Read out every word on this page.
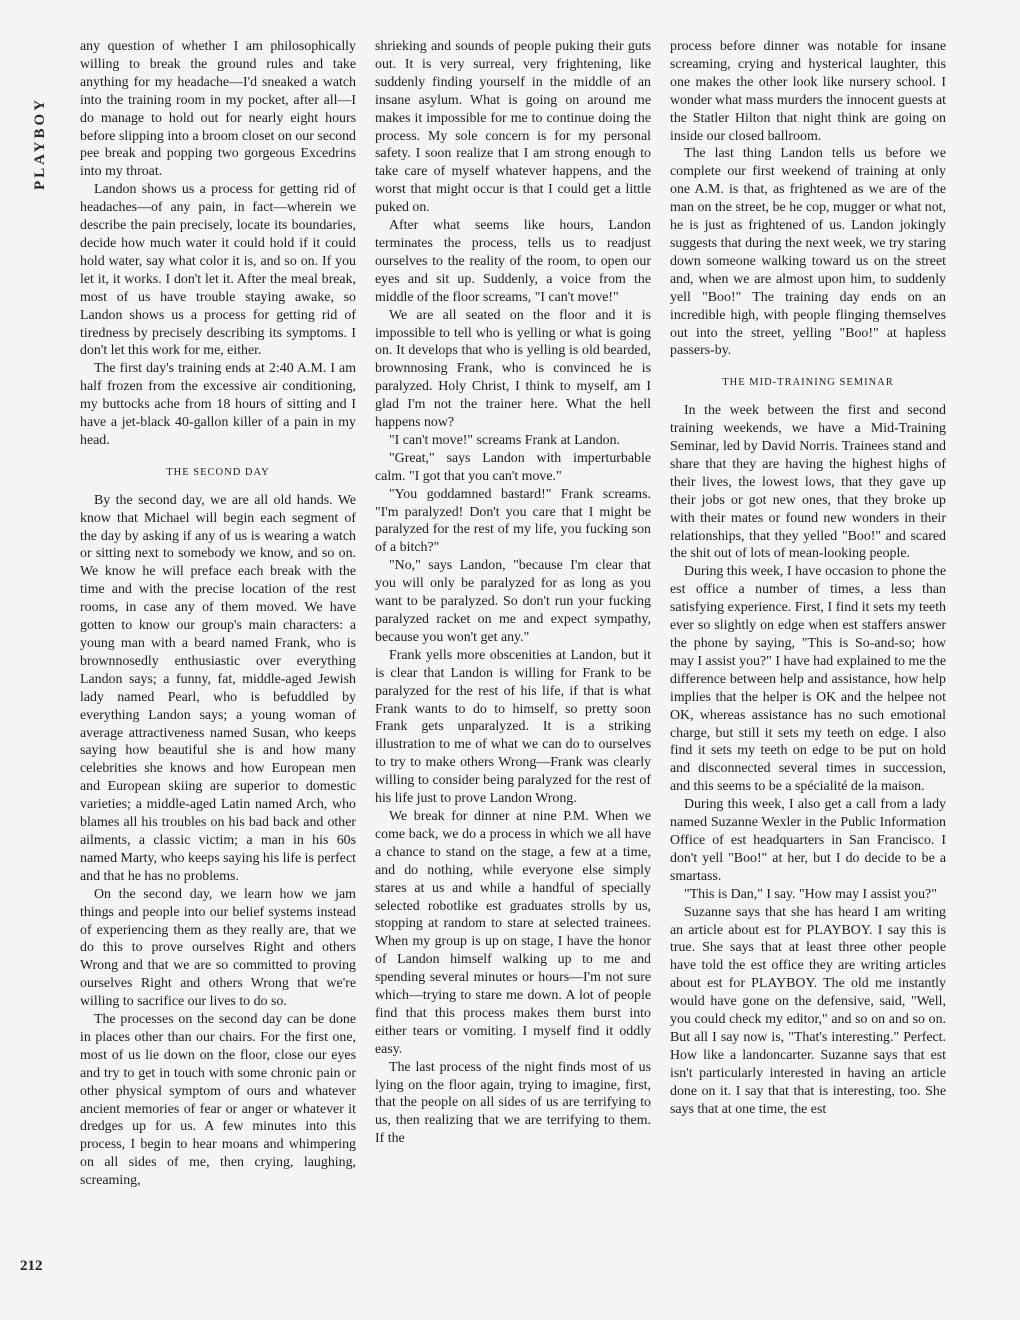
PLAYBOY
212

any question of whether I am philosophically willing to break the ground rules and take anything for my headache—I'd sneaked a watch into the training room in my pocket, after all—I do manage to hold out for nearly eight hours before slipping into a broom closet on our second pee break and popping two gorgeous Excedrins into my throat.

Landon shows us a process for getting rid of headaches—of any pain, in fact—wherein we describe the pain precisely, locate its boundaries, decide how much water it could hold if it could hold water, say what color it is, and so on. If you let it, it works. I don't let it. After the meal break, most of us have trouble staying awake, so Landon shows us a process for getting rid of tiredness by precisely describing its symptoms. I don't let this work for me, either.

The first day's training ends at 2:40 A.M. I am half frozen from the excessive air conditioning, my buttocks ache from 18 hours of sitting and I have a jet-black 40-gallon killer of a pain in my head.

THE SECOND DAY

By the second day, we are all old hands. We know that Michael will begin each segment of the day by asking if any of us is wearing a watch or sitting next to somebody we know, and so on. We know he will preface each break with the time and with the precise location of the rest rooms, in case any of them moved. We have gotten to know our group's main characters: a young man with a beard named Frank, who is brownnosedly enthusiastic over everything Landon says; a funny, fat, middle-aged Jewish lady named Pearl, who is befuddled by everything Landon says; a young woman of average attractiveness named Susan, who keeps saying how beautiful she is and how many celebrities she knows and how European men and European skiing are superior to domestic varieties; a middle-aged Latin named Arch, who blames all his troubles on his bad back and other ailments, a classic victim; a man in his 60s named Marty, who keeps saying his life is perfect and that he has no problems.

On the second day, we learn how we jam things and people into our belief systems instead of experiencing them as they really are, that we do this to prove ourselves Right and others Wrong and that we are so committed to proving ourselves Right and others Wrong that we're willing to sacrifice our lives to do so.

The processes on the second day can be done in places other than our chairs. For the first one, most of us lie down on the floor, close our eyes and try to get in touch with some chronic pain or other physical symptom of ours and whatever ancient memories of fear or anger or whatever it dredges up for us. A few minutes into this process, I begin to hear moans and whimpering on all sides of me, then crying, laughing, screaming,

shrieking and sounds of people puking their guts out. It is very surreal, very frightening, like suddenly finding yourself in the middle of an insane asylum. What is going on around me makes it impossible for me to continue doing the process. My sole concern is for my personal safety. I soon realize that I am strong enough to take care of myself whatever happens, and the worst that might occur is that I could get a little puked on.

After what seems like hours, Landon terminates the process, tells us to readjust ourselves to the reality of the room, to open our eyes and sit up. Suddenly, a voice from the middle of the floor screams, "I can't move!"

We are all seated on the floor and it is impossible to tell who is yelling or what is going on. It develops that who is yelling is old bearded, brownnosing Frank, who is convinced he is paralyzed. Holy Christ, I think to myself, am I glad I'm not the trainer here. What the hell happens now?

"I can't move!" screams Frank at Landon.

"Great," says Landon with imperturbable calm. "I got that you can't move."

"You goddamned bastard!" Frank screams. "I'm paralyzed! Don't you care that I might be paralyzed for the rest of my life, you fucking son of a bitch?"

"No," says Landon, "because I'm clear that you will only be paralyzed for as long as you want to be paralyzed. So don't run your fucking paralyzed racket on me and expect sympathy, because you won't get any."

Frank yells more obscenities at Landon, but it is clear that Landon is willing for Frank to be paralyzed for the rest of his life, if that is what Frank wants to do to himself, so pretty soon Frank gets unparalyzed. It is a striking illustration to me of what we can do to ourselves to try to make others Wrong—Frank was clearly willing to consider being paralyzed for the rest of his life just to prove Landon Wrong.

We break for dinner at nine P.M. When we come back, we do a process in which we all have a chance to stand on the stage, a few at a time, and do nothing, while everyone else simply stares at us and while a handful of specially selected robotlike est graduates strolls by us, stopping at random to stare at selected trainees. When my group is up on stage, I have the honor of Landon himself walking up to me and spending several minutes or hours—I'm not sure which—trying to stare me down. A lot of people find that this process makes them burst into either tears or vomiting. I myself find it oddly easy.

The last process of the night finds most of us lying on the floor again, trying to imagine, first, that the people on all sides of us are terrifying to us, then realizing that we are terrifying to them. If the

process before dinner was notable for insane screaming, crying and hysterical laughter, this one makes the other look like nursery school. I wonder what mass murders the innocent guests at the Statler Hilton that night think are going on inside our closed ballroom.

The last thing Landon tells us before we complete our first weekend of training at only one A.M. is that, as frightened as we are of the man on the street, be he cop, mugger or what not, he is just as frightened of us. Landon jokingly suggests that during the next week, we try staring down someone walking toward us on the street and, when we are almost upon him, to suddenly yell "Boo!" The training day ends on an incredible high, with people flinging themselves out into the street, yelling "Boo!" at hapless passers-by.

THE MID-TRAINING SEMINAR

In the week between the first and second training weekends, we have a Mid-Training Seminar, led by David Norris. Trainees stand and share that they are having the highest highs of their lives, the lowest lows, that they gave up their jobs or got new ones, that they broke up with their mates or found new wonders in their relationships, that they yelled "Boo!" and scared the shit out of lots of mean-looking people.

During this week, I have occasion to phone the est office a number of times, a less than satisfying experience. First, I find it sets my teeth ever so slightly on edge when est staffers answer the phone by saying, "This is So-and-so; how may I assist you?" I have had explained to me the difference between help and assistance, how help implies that the helper is OK and the helpee not OK, whereas assistance has no such emotional charge, but still it sets my teeth on edge. I also find it sets my teeth on edge to be put on hold and disconnected several times in succession, and this seems to be a spécialité de la maison.

During this week, I also get a call from a lady named Suzanne Wexler in the Public Information Office of est headquarters in San Francisco. I don't yell "Boo!" at her, but I do decide to be a smartass.

"This is Dan," I say. "How may I assist you?"

Suzanne says that she has heard I am writing an article about est for PLAYBOY. I say this is true. She says that at least three other people have told the est office they are writing articles about est for PLAYBOY. The old me instantly would have gone on the defensive, said, "Well, you could check my editor," and so on and so on. But all I say now is, "That's interesting." Perfect. How like a landoncarter. Suzanne says that est isn't particularly interested in having an article done on it. I say that that is interesting, too. She says that at one time, the est
